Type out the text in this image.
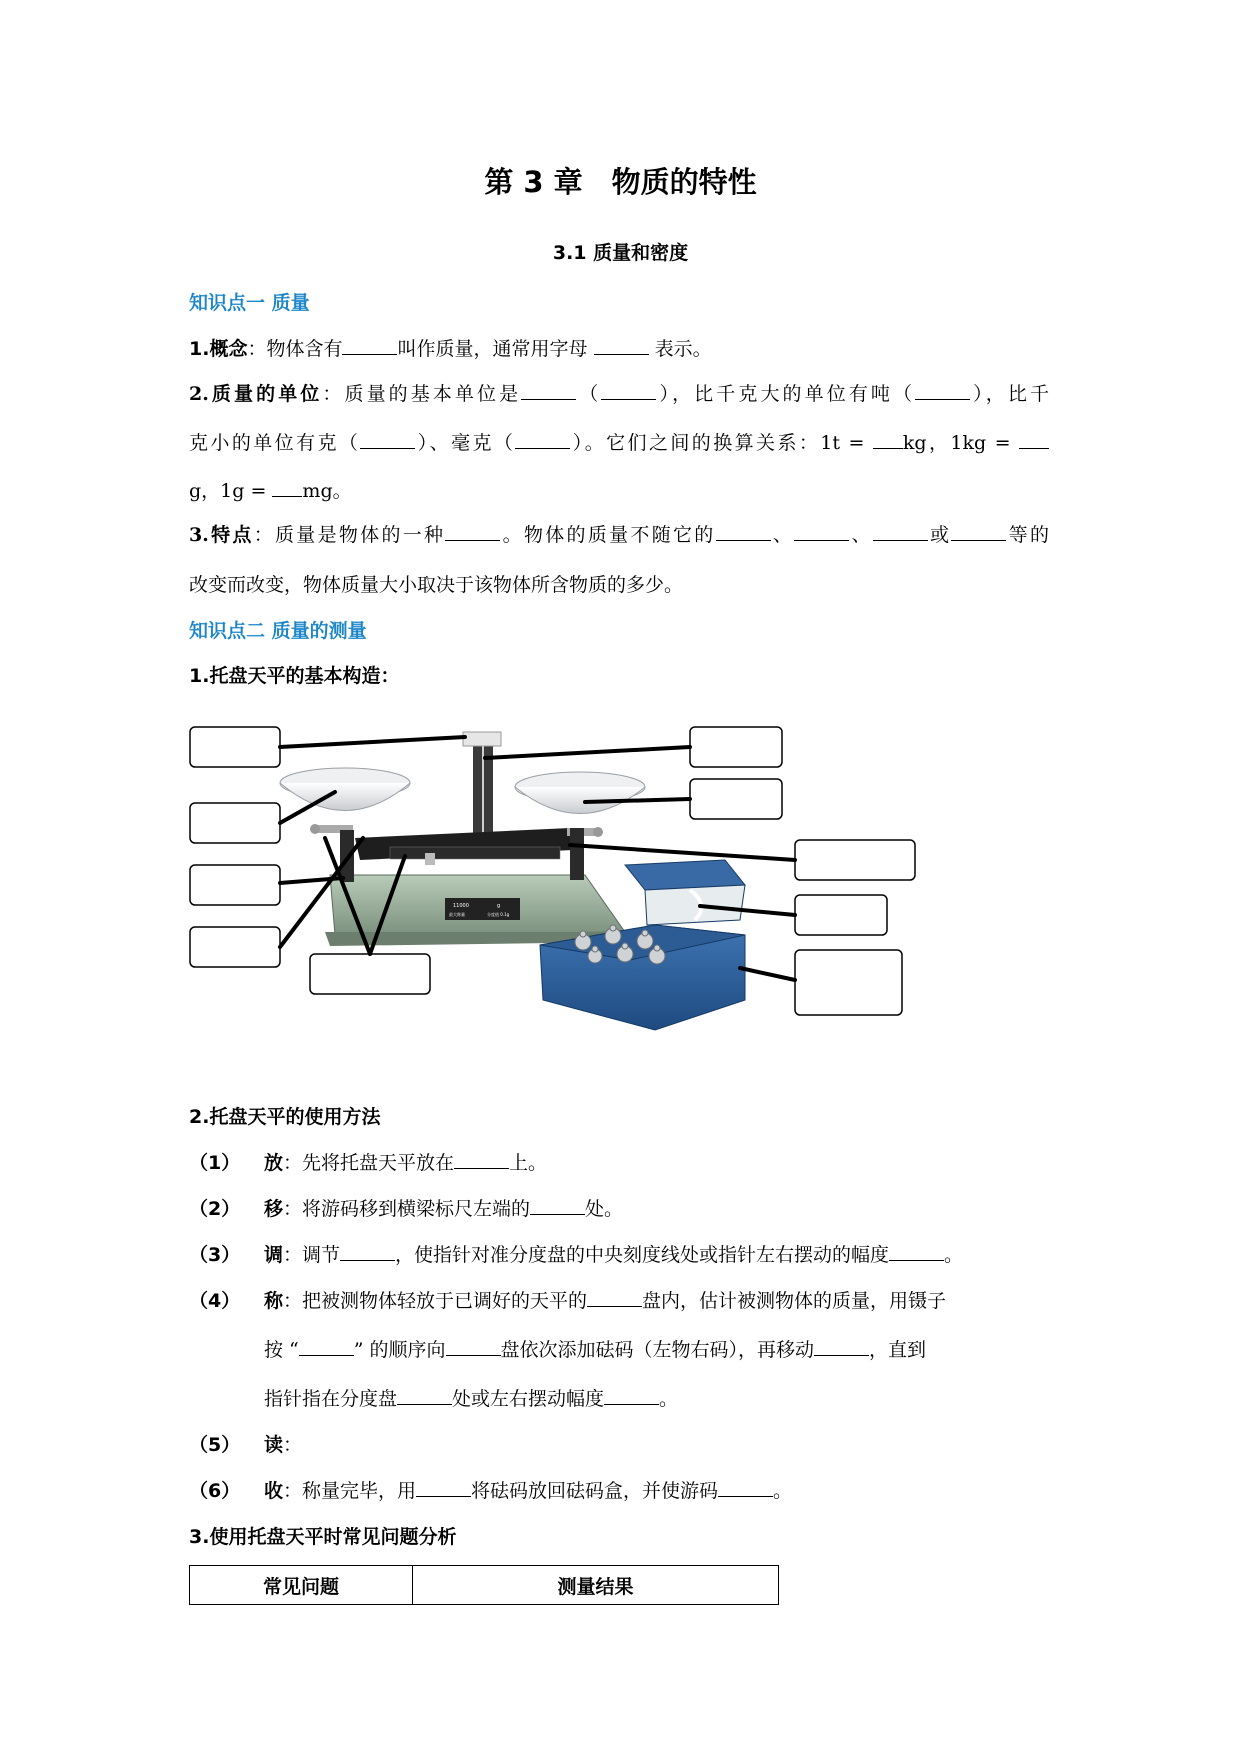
第 3 章　物质的特性
3.1 质量和密度
知识点一 质量
1.概念：物体含有	叫作质量，通常用字母	表示。
2.质量的单位：质量的基本单位是	（	），比千克大的单位有吨（	），比千
克小的单位有克（	）、毫克（	）。它们之间的换算关系：1t = kg，1kg =
g，1g = mg。
3.特点：质量是物体的一种	。物体的质量不随它的	、	、	或	等的
改变而改变，物体质量大小取决于该物体所含物质的多少。
知识点二 质量的测量
1.托盘天平的基本构造：
11000	g
最大称量	分度值 0.1g
2.托盘天平的使用方法
（1） 放：先将托盘天平放在	上。
（2） 移：将游码移到横梁标尺左端的	处。
（3） 调：调节	，使指针对准分度盘的中央刻度线处或指针左右摆动的幅度	。
（4） 称：把被测物体轻放于已调好的天平的	盘内，估计被测物体的质量，用镊子
按 “	” 的顺序向	盘依次添加砝码（左物右码），再移动	，直到
指针指在分度盘	处或左右摆动幅度	。
（5） 读：
（6） 收：称量完毕，用	将砝码放回砝码盒，并使游码	。
3.使用托盘天平时常见问题分析
常见问题	测量结果
